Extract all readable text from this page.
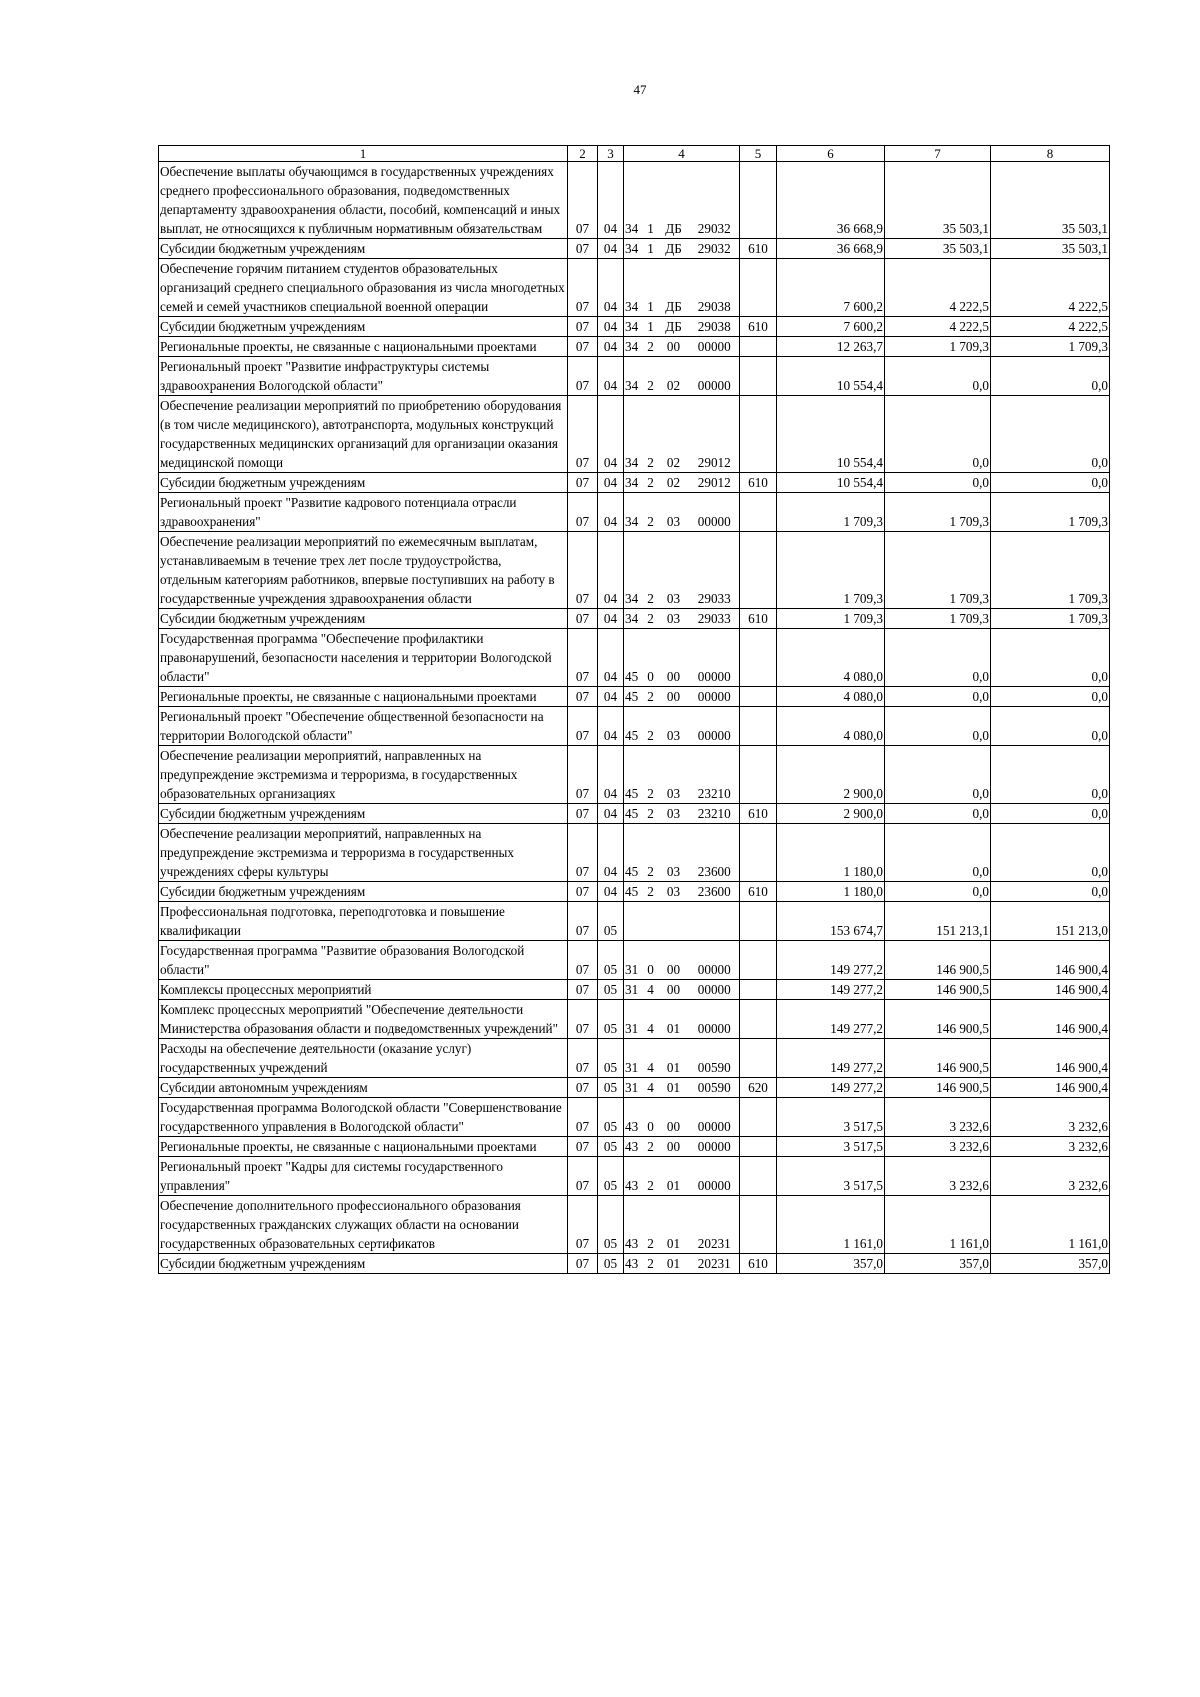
47
1	2	3	4				5	6	7	8
Обеспечение выплаты обучающимся в государственных учреждениях среднего профессионального образования, подведомственных департаменту здравоохранения области, пособий, компенсаций и иных выплат, не относящихся к публичным нормативным обязательствам	07	04	34	1	ДБ	29032		36 668,9	35 503,1	35 503,1
Субсидии бюджетным учреждениям	07	04	34	1	ДБ	29032	610	36 668,9	35 503,1	35 503,1
Обеспечение горячим питанием студентов образовательных организаций среднего специального образования из числа многодетных семей и семей участников специальной военной операции	07	04	34	1	ДБ	29038		7 600,2	4 222,5	4 222,5
Субсидии бюджетным учреждениям	07	04	34	1	ДБ	29038	610	7 600,2	4 222,5	4 222,5
Региональные проекты, не связанные с национальными проектами	07	04	34	2	00	00000		12 263,7	1 709,3	1 709,3
Региональный проект "Развитие инфраструктуры системы здравоохранения Вологодской области"	07	04	34	2	02	00000		10 554,4	0,0	0,0
Обеспечение реализации мероприятий по приобретению оборудования (в том числе медицинского), автотранспорта, модульных конструкций государственных медицинских организаций для организации оказания медицинской помощи	07	04	34	2	02	29012		10 554,4	0,0	0,0
Субсидии бюджетным учреждениям	07	04	34	2	02	29012	610	10 554,4	0,0	0,0
Региональный проект "Развитие кадрового потенциала отрасли здравоохранения"	07	04	34	2	03	00000		1 709,3	1 709,3	1 709,3
Обеспечение реализации мероприятий по ежемесячным выплатам, устанавливаемым в течение трех лет после трудоустройства, отдельным категориям работников, впервые поступивших на работу в государственные учреждения здравоохранения области	07	04	34	2	03	29033		1 709,3	1 709,3	1 709,3
Субсидии бюджетным учреждениям	07	04	34	2	03	29033	610	1 709,3	1 709,3	1 709,3
Государственная программа "Обеспечение профилактики правонарушений, безопасности населения и территории Вологодской области"	07	04	45	0	00	00000		4 080,0	0,0	0,0
Региональные проекты, не связанные с национальными проектами	07	04	45	2	00	00000		4 080,0	0,0	0,0
Региональный проект "Обеспечение общественной безопасности на территории Вологодской области"	07	04	45	2	03	00000		4 080,0	0,0	0,0
Обеспечение реализации мероприятий, направленных на предупреждение экстремизма и терроризма, в государственных образовательных организациях	07	04	45	2	03	23210		2 900,0	0,0	0,0
Субсидии бюджетным учреждениям	07	04	45	2	03	23210	610	2 900,0	0,0	0,0
Обеспечение реализации мероприятий, направленных на предупреждение экстремизма и терроризма в государственных учреждениях сферы культуры	07	04	45	2	03	23600		1 180,0	0,0	0,0
Субсидии бюджетным учреждениям	07	04	45	2	03	23600	610	1 180,0	0,0	0,0
Профессиональная подготовка, переподготовка и повышение квалификации	07	05						153 674,7	151 213,1	151 213,0
Государственная программа "Развитие образования Вологодской области"	07	05	31	0	00	00000		149 277,2	146 900,5	146 900,4
Комплексы процессных мероприятий	07	05	31	4	00	00000		149 277,2	146 900,5	146 900,4
Комплекс процессных мероприятий "Обеспечение деятельности Министерства образования области и подведомственных учреждений"	07	05	31	4	01	00000		149 277,2	146 900,5	146 900,4
Расходы на обеспечение деятельности (оказание услуг) государственных учреждений	07	05	31	4	01	00590		149 277,2	146 900,5	146 900,4
Субсидии автономным учреждениям	07	05	31	4	01	00590	620	149 277,2	146 900,5	146 900,4
Государственная программа Вологодской области "Совершенствование государственного управления в Вологодской области"	07	05	43	0	00	00000		3 517,5	3 232,6	3 232,6
Региональные проекты, не связанные с национальными проектами	07	05	43	2	00	00000		3 517,5	3 232,6	3 232,6
Региональный проект "Кадры для системы государственного управления"	07	05	43	2	01	00000		3 517,5	3 232,6	3 232,6
Обеспечение дополнительного профессионального образования государственных гражданских служащих области на основании государственных образовательных сертификатов	07	05	43	2	01	20231		1 161,0	1 161,0	1 161,0
Субсидии бюджетным учреждениям	07	05	43	2	01	20231	610	357,0	357,0	357,0
